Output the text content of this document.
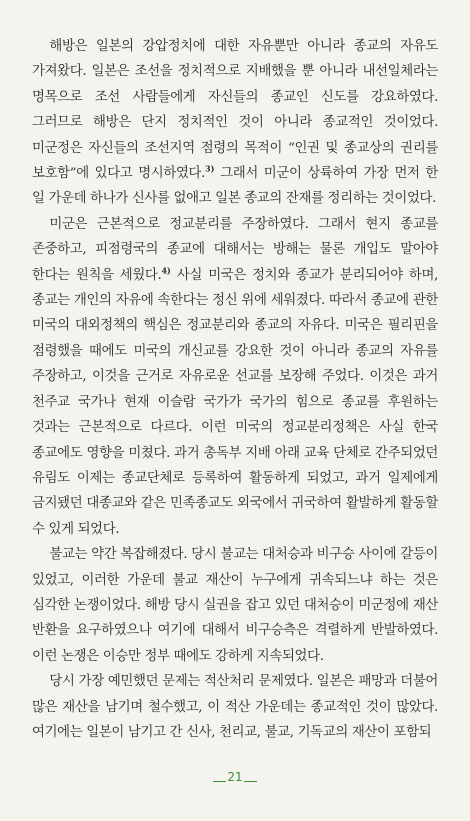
해방은 일본의 강압정치에 대한 자유뿐만 아니라 종교의 자유도 가져왔다. 일본은 조선을 정치적으로 지배했을 뿐 아니라 내선일체라는 명목으로 조선 사람들에게 자신들의 종교인 신도를 강요하였다. 그러므로 해방은 단지 정치적인 것이 아니라 종교적인 것이었다. 미군정은 자신들의 조선지역 점령의 목적이 “인권 및 종교상의 권리를 보호함”에 있다고 명시하였다.$^{3)}$ 그래서 미군이 상륙하여 가장 먼저 한 일 가운데 하나가 신사를 없애고 일본 종교의 잔재를 정리하는 것이었다.

미군은 근본적으로 정교분리를 주장하였다. 그래서 현지 종교를 존중하고, 피점령국의 종교에 대해서는 방해는 물론 개입도 말아야 한다는 원칙을 세웠다.$^{4)}$ 사실 미국은 정치와 종교가 분리되어야 하며, 종교는 개인의 자유에 속한다는 정신 위에 세워졌다. 따라서 종교에 관한 미국의 대외정책의 핵심은 정교분리와 종교의 자유다. 미국은 필리핀을 점령했을 때에도 미국의 개신교를 강요한 것이 아니라 종교의 자유를 주장하고, 이것을 근거로 자유로운 선교를 보장해 주었다. 이것은 과거 천주교 국가나 현재 이슬람 국가가 국가의 힘으로 종교를 후원하는 것과는 근본적으로 다르다. 이런 미국의 정교분리정책은 사실 한국 종교에도 영향을 미쳤다. 과거 총독부 지배 아래 교육 단체로 간주되었던 유림도 이제는 종교단체로 등록하여 활동하게 되었고, 과거 일제에게 금지됐던 대종교와 같은 민족종교도 외국에서 귀국하여 활발하게 활동할 수 있게 되었다.

불교는 약간 복잡해졌다. 당시 불교는 대처승과 비구승 사이에 갈등이 있었고, 이러한 가운데 불교 재산이 누구에게 귀속되느냐 하는 것은 심각한 논쟁이었다. 해방 당시 실권을 잡고 있던 대처승이 미군정에 재산 반환을 요구하였으나 여기에 대해서 비구승측은 격렬하게 반발하였다. 이런 논쟁은 이승만 정부 때에도 강하게 지속되었다.

당시 가장 예민했던 문제는 적산처리 문제였다. 일본은 패망과 더불어 많은 재산을 남기며 철수했고, 이 적산 가운데는 종교적인 것이 많았다. 여기에는 일본이 남기고 간 신사, 천리교, 불교, 기독교의 재산이 포함되

21
